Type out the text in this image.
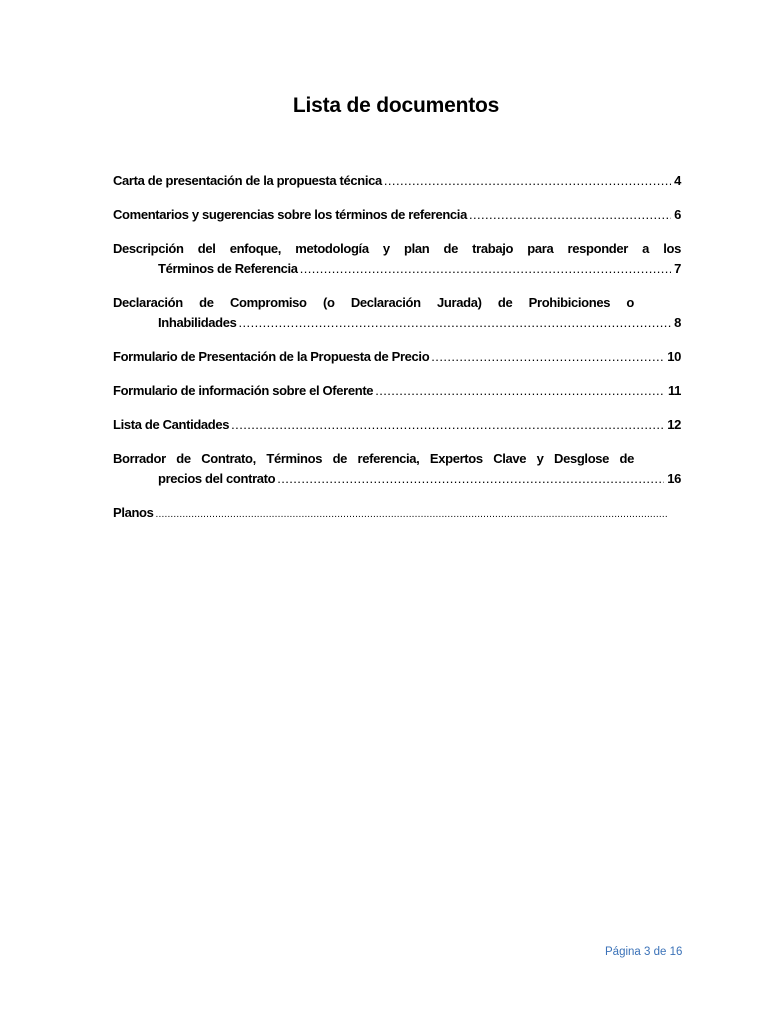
Lista de documentos
Carta de presentación de la propuesta técnica .....	4
Comentarios y sugerencias sobre los términos de referencia .....	6
Descripción del enfoque, metodología y plan de trabajo para responder a los
Términos de Referencia .....	7
Declaración de Compromiso (o Declaración Jurada) de Prohibiciones o
Inhabilidades .....	8
Formulario de Presentación de la Propuesta de Precio .....	10
Formulario de información sobre el Oferente .....	11
Lista de Cantidades .....	12
Borrador de Contrato, Términos de referencia, Expertos Clave y Desglose de
precios del contrato .....	16
Planos
.....
Página 3 de 16
